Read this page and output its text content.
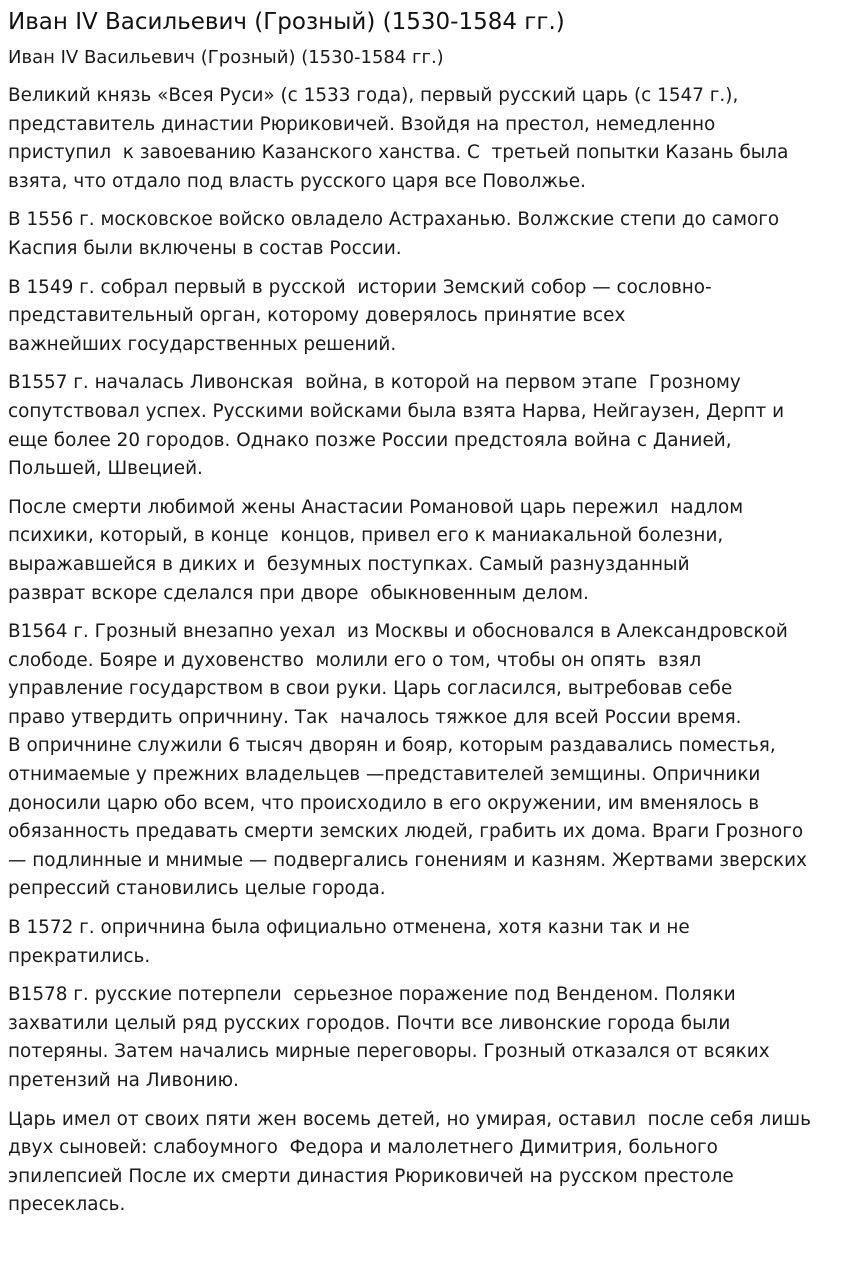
Иван IV Васильевич (Грозный) (1530-1584 гг.)
Иван IV Васильевич (Грозный) (1530-1584 гг.)

Великий князь «Всея Руси» (с 1533 года), первый русский царь (с 1547 г.),
представитель династии Рюриковичей. Взойдя на престол, немедленно
приступил  к завоеванию Казанского ханства. С  третьей попытки Казань была
взята, что отдало под власть русского царя все Поволжье.

В 1556 г. московское войско овладело Астраханью. Волжские степи до самого
Каспия были включены в состав России.

В 1549 г. собрал первый в русской  истории Земский собор — сословно-
представительный орган, которому доверялось принятие всех
важнейших государственных решений.

В1557 г. началась Ливонская  война, в которой на первом этапе  Грозному
сопутствовал успех. Русскими войсками была взята Нарва, Нейгаузен, Дерпт и
еще более 20 городов. Однако позже России предстояла война с Данией,
Польшей, Швецией.

После смерти любимой жены Анастасии Романовой царь пережил  надлом
психики, который, в конце  концов, привел его к маниакальной болезни,
выражавшейся в диких и  безумных поступках. Самый разнузданный
разврат вскоре сделался при дворе  обыкновенным делом.

В1564 г. Грозный внезапно уехал  из Москвы и обосновался в Александровской
слободе. Бояре и духовенство  молили его о том, чтобы он опять  взял
управление государством в свои руки. Царь согласился, вытребовав себе
право утвердить опричнину. Так  началось тяжкое для всей России время.
В опричнине служили 6 тысяч дворян и бояр, которым раздавались поместья,
отнимаемые у прежних владельцев —представителей земщины. Опричники
доносили царю обо всем, что происходило в его окружении, им вменялось в
обязанность предавать смерти земских людей, грабить их дома. Враги Грозного
— подлинные и мнимые — подвергались гонениям и казням. Жертвами зверских
репрессий становились целые города.

В 1572 г. опричнина была официально отменена, хотя казни так и не
прекратились.

В1578 г. русские потерпели  серьезное поражение под Венденом. Поляки
захватили целый ряд русских городов. Почти все ливонские города были
потеряны. Затем начались мирные переговоры. Грозный отказался от всяких
претензий на Ливонию.

Царь имел от своих пяти жен восемь детей, но умирая, оставил  после себя лишь
двух сыновей: слабоумного  Федора и малолетнего Димитрия, больного
эпилепсией После их смерти династия Рюриковичей на русском престоле
пресеклась.
